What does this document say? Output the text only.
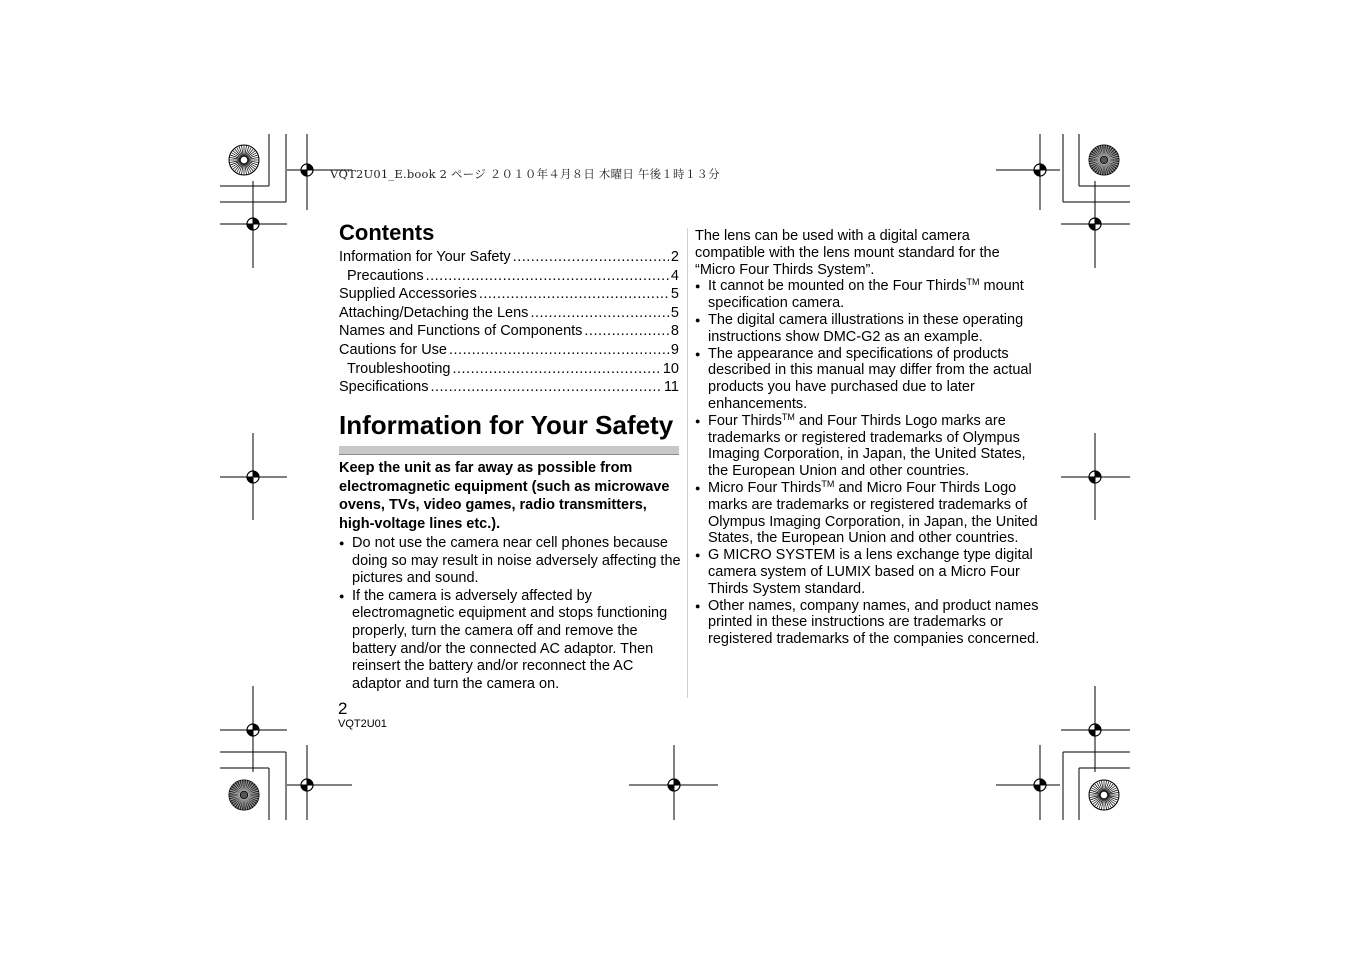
VQT2U01_E.book 2 ページ ２０１０年４月８日 木曜日 午後１時１３分
Contents
Information for Your Safety .....	2
Precautions .....	4
Supplied Accessories .....	5
Attaching/Detaching the Lens .....	5
Names and Functions of Components .....	8
Cautions for Use .....	9
Troubleshooting .....	10
Specifications .....	11
Information for Your Safety
Keep the unit as far away as possible from electromagnetic equipment (such as microwave ovens, TVs, video games, radio transmitters, high-voltage lines etc.).
● Do not use the camera near cell phones because doing so may result in noise adversely affecting the pictures and sound.
● If the camera is adversely affected by electromagnetic equipment and stops functioning properly, turn the camera off and remove the battery and/or the connected AC adaptor. Then reinsert the battery and/or reconnect the AC adaptor and turn the camera on.

The lens can be used with a digital camera compatible with the lens mount standard for the “Micro Four Thirds System”.

● It cannot be mounted on the Four Thirds™ mount specification camera.
● The digital camera illustrations in these operating instructions show DMC-G2 as an example.
● The appearance and specifications of products described in this manual may differ from the actual products you have purchased due to later enhancements.
● Four Thirds™ and Four Thirds Logo marks are trademarks or registered trademarks of Olympus Imaging Corporation, in Japan, the United States, the European Union and other countries.
● Micro Four Thirds™ and Micro Four Thirds Logo marks are trademarks or registered trademarks of Olympus Imaging Corporation, in Japan, the United States, the European Union and other countries.
● G MICRO SYSTEM is a lens exchange type digital camera system of LUMIX based on a Micro Four Thirds System standard.
● Other names, company names, and product names printed in these instructions are trademarks or registered trademarks of the companies concerned.
2
VQT2U01
